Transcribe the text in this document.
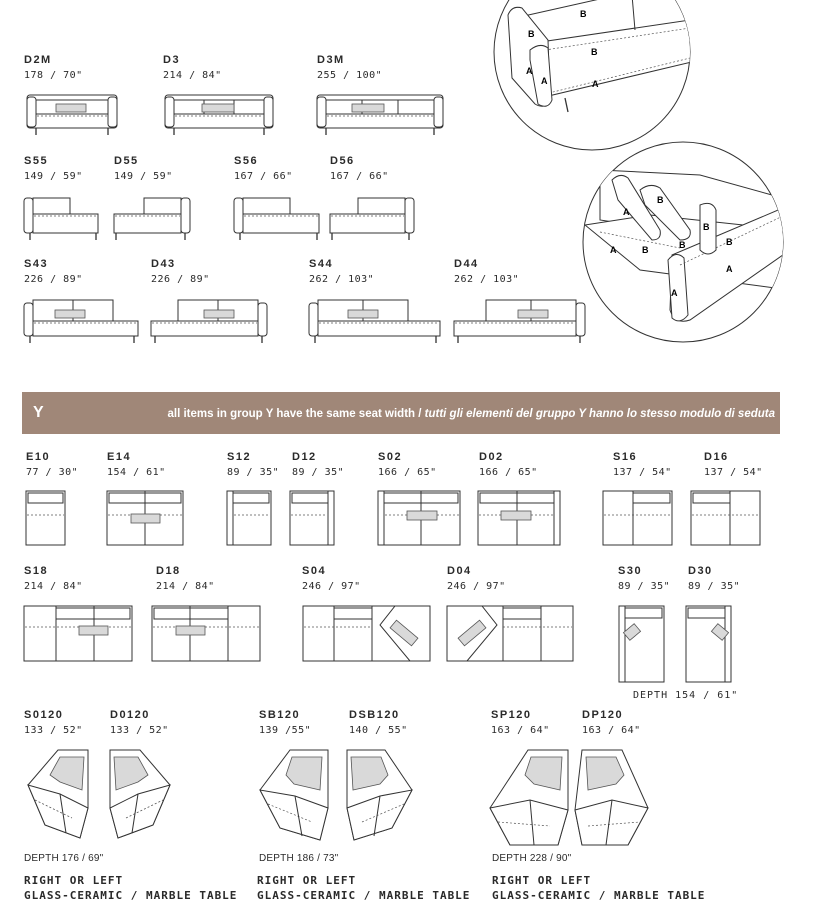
B
B
B
A
A	A
B
A
B
B
B
A	B
A
A
D2M
178 / 70"
D3
214 / 84"
D3M
255 / 100"
S55
149 / 59"
D55
149 / 59"
S56
167 / 66"
D56
167 / 66"
S43
226 / 89"
D43
226 / 89"
S44
262 / 103"
D44
262 / 103"
Y	all items in group Y have the same seat width / tutti gli elementi del gruppo Y hanno lo stesso modulo di seduta
E10
77 / 30"
E14
154 / 61"
S12
89 / 35"
D12
89 / 35"
S02
166 / 65"
D02
166 / 65"
S16
137 / 54"
D16
137 / 54"
S18
214 / 84"
D18
214 / 84"
S04
246 / 97"
D04
246 / 97"
S30
89 / 35"
D30
89 / 35"
DEPTH 154 / 61"
S0120
133 / 52"
D0120
133 / 52"
SB120
139 /55"
DSB120
140 / 55"
SP120
163 / 64"
DP120
163 / 64"
DEPTH 176 / 69"	DEPTH 186 / 73"	DEPTH 228 / 90"
RIGHT OR LEFT
GLASS-CERAMIC / MARBLE TABLE
RIGHT OR LEFT
GLASS-CERAMIC / MARBLE TABLE
RIGHT OR LEFT
GLASS-CERAMIC / MARBLE TABLE
